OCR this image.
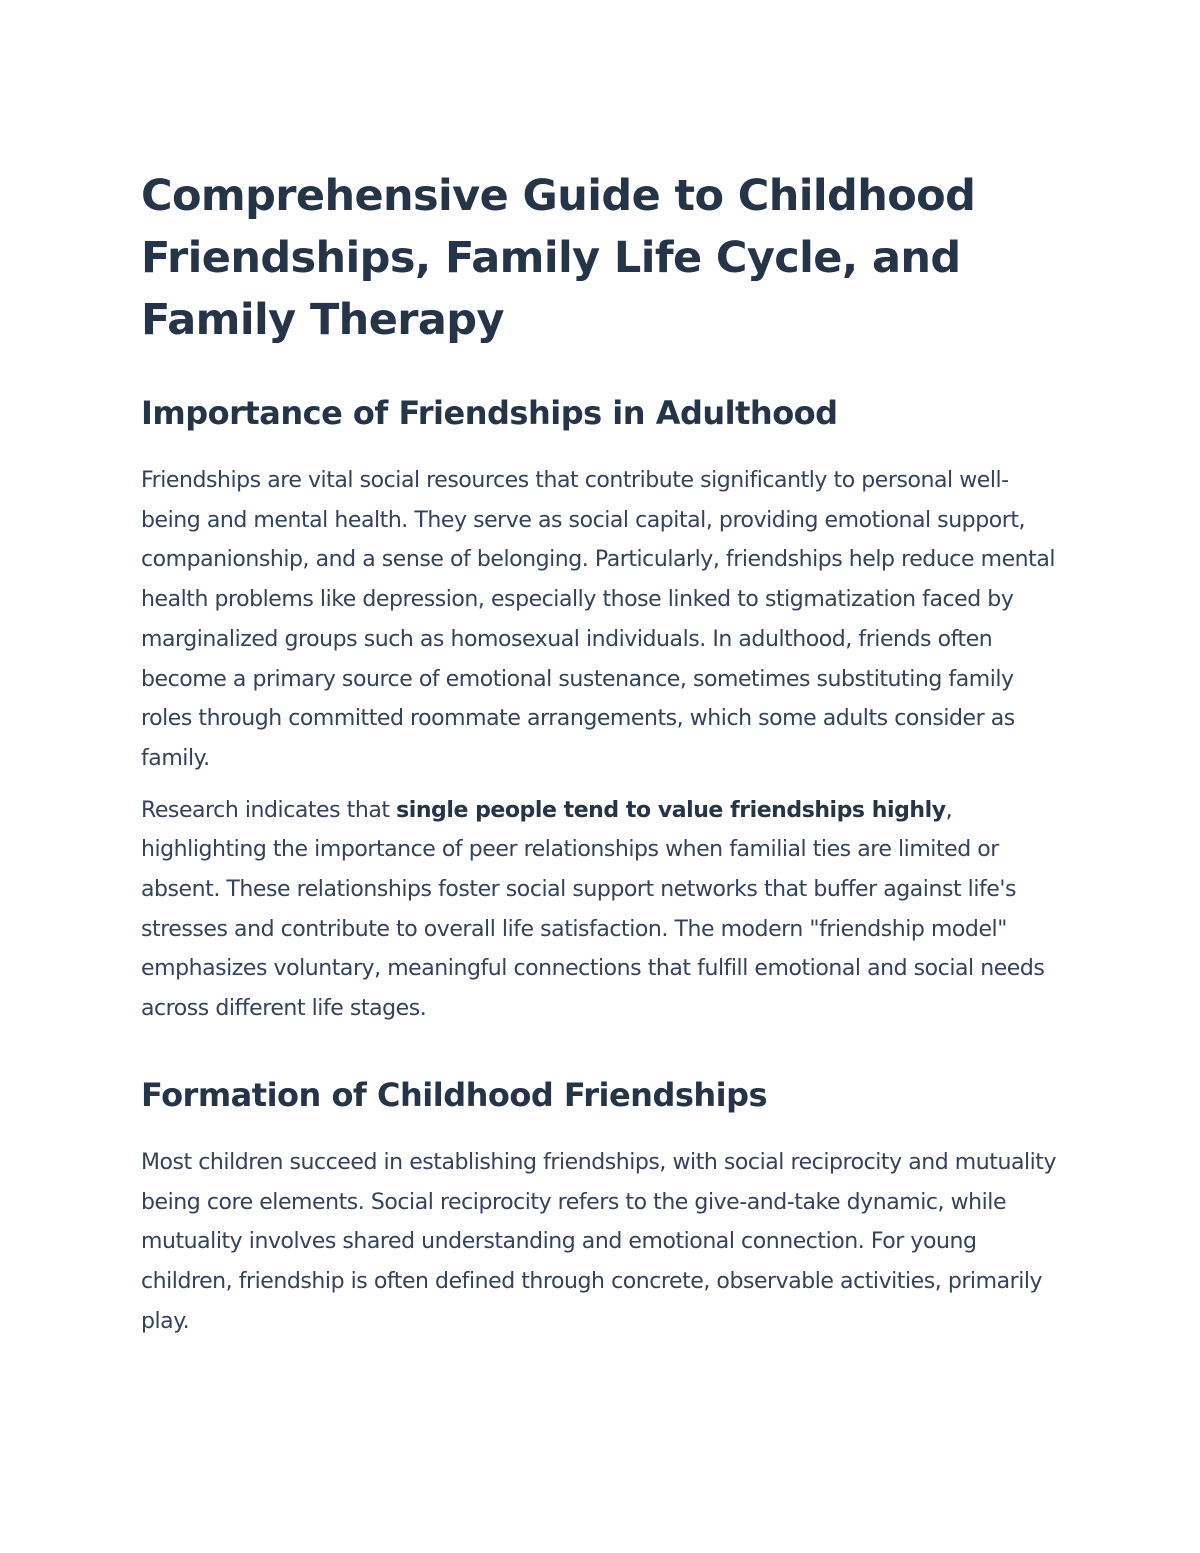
Comprehensive Guide to Childhood Friendships, Family Life Cycle, and Family Therapy
Importance of Friendships in Adulthood

Friendships are vital social resources that contribute significantly to personal well-being and mental health. They serve as social capital, providing emotional support, companionship, and a sense of belonging. Particularly, friendships help reduce mental health problems like depression, especially those linked to stigmatization faced by marginalized groups such as homosexual individuals. In adulthood, friends often become a primary source of emotional sustenance, sometimes substituting family roles through committed roommate arrangements, which some adults consider as family.

Research indicates that single people tend to value friendships highly, highlighting the importance of peer relationships when familial ties are limited or absent. These relationships foster social support networks that buffer against life's stresses and contribute to overall life satisfaction. The modern "friendship model" emphasizes voluntary, meaningful connections that fulfill emotional and social needs across different life stages.

Formation of Childhood Friendships

Most children succeed in establishing friendships, with social reciprocity and mutuality being core elements. Social reciprocity refers to the give-and-take dynamic, while mutuality involves shared understanding and emotional connection. For young children, friendship is often defined through concrete, observable activities, primarily play.
